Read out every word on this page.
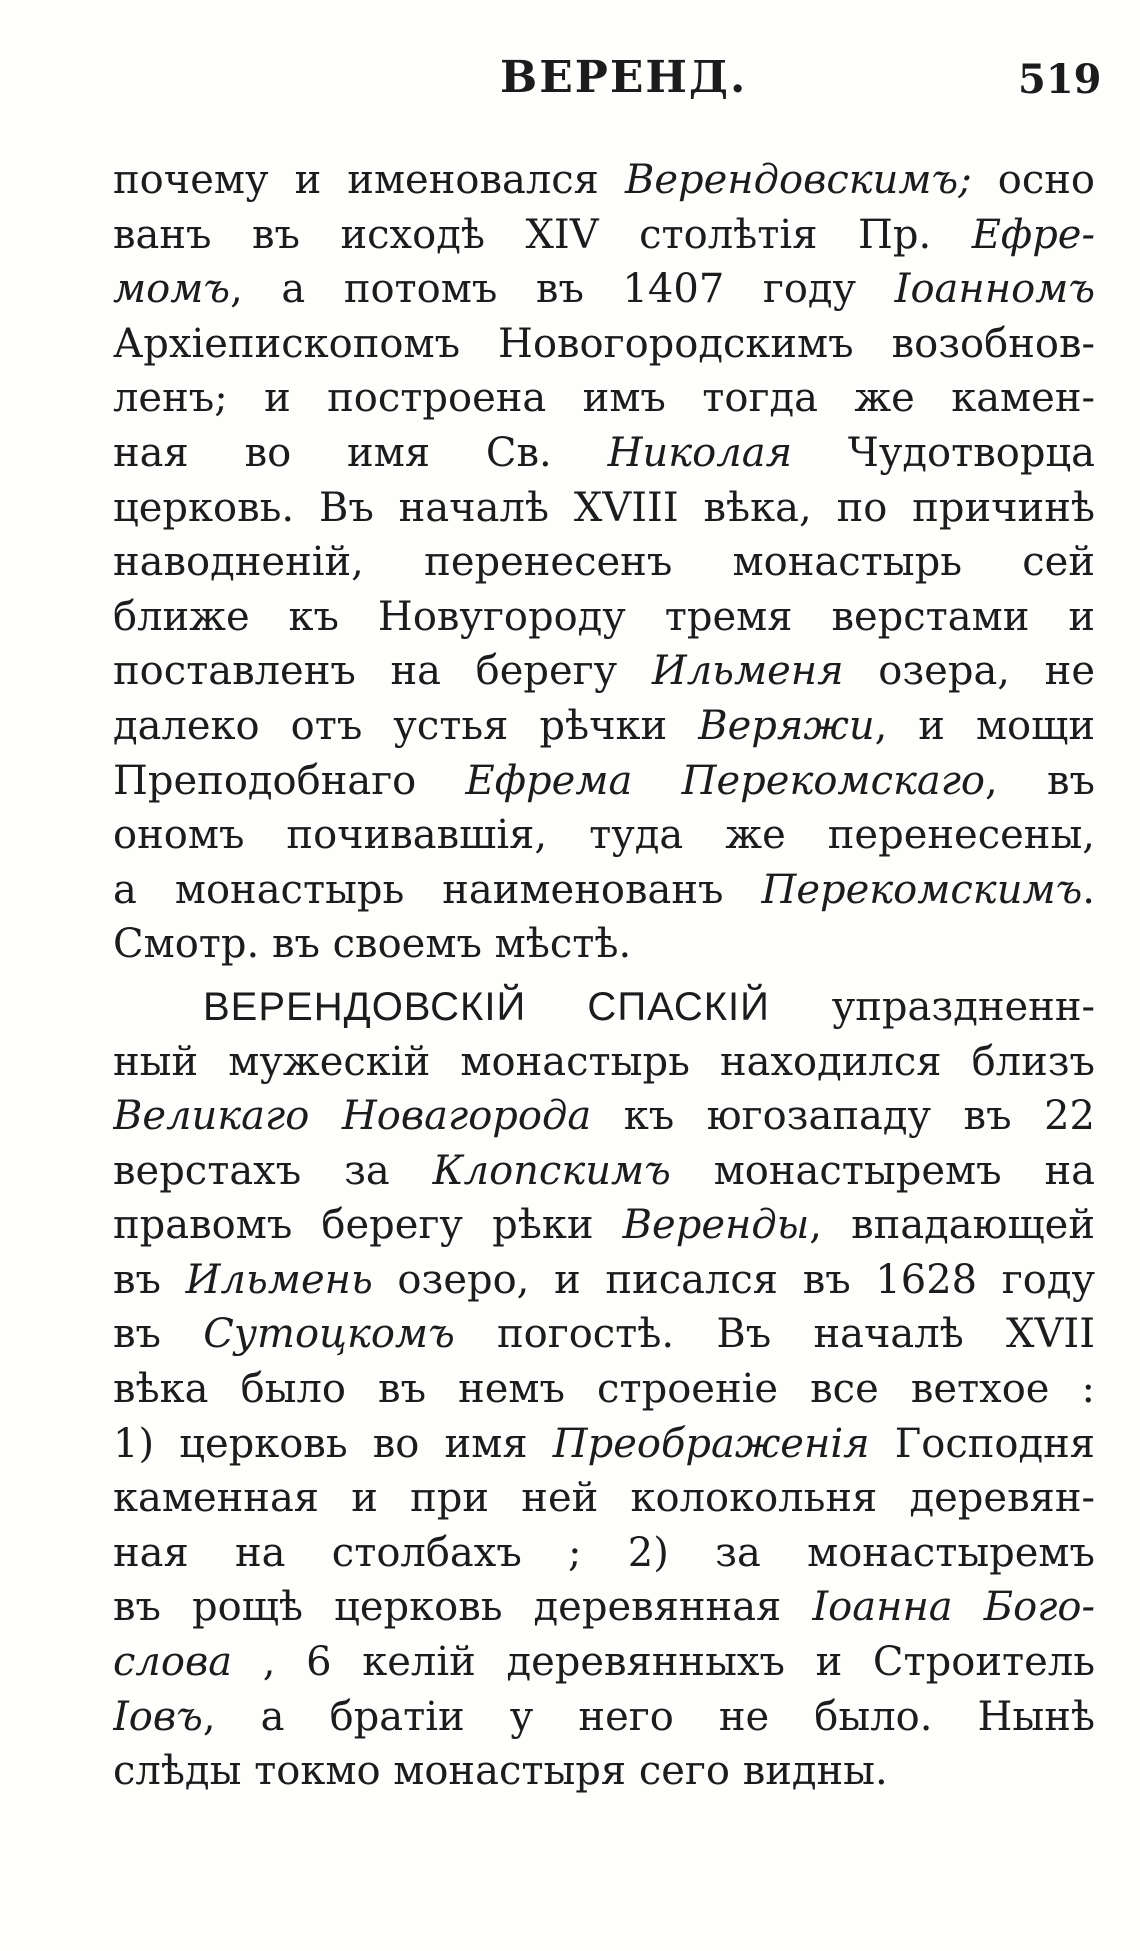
ВЕРЕНД.	519
почему и именовался Верендовскимъ; осно
ванъ въ исходѣ XIV столѣтія Пр. Ефре-
момъ, а потомъ въ 1407 году Іоанномъ
Архіепископомъ Новогородскимъ возобнов-
ленъ; и построена имъ тогда же камен-
ная во имя Св. Николая Чудотворца
церковь. Въ началѣ XVIII вѣка, по причинѣ
наводненій, перенесенъ монастырь сей
ближе къ Новугороду тремя верстами и
поставленъ на берегу Ильменя озера, не
далеко отъ устья рѣчки Веряжи, и мощи
Преподобнаго Ефрема Перекомскаго, въ
ономъ почивавшія, туда же перенесены,
а монастырь наименованъ Перекомскимъ.
Смотр. въ своемъ мѣстѣ.
ВЕРЕНДОВСКІЙ СПАСКІЙ упраздненн-
ный мужескій монастырь находился близъ
Великаго Новагорода къ югозападу въ 22
верстахъ за Клопскимъ монастыремъ на
правомъ берегу рѣки Веренды, впадающей
въ Ильмень озеро, и писался въ 1628 году
въ Сутоцкомъ погостѣ. Въ началѣ XVII
вѣка было въ немъ строеніе все ветхое :
1) церковь во имя Преображенія Господня
каменная и при ней колокольня деревян-
ная на столбахъ ; 2) за монастыремъ
въ рощѣ церковь деревянная Іоанна Бого-
слова , 6 келій деревянныхъ и Строитель
Іовъ, а братіи у него не было. Нынѣ
слѣды токмо монастыря сего видны.
